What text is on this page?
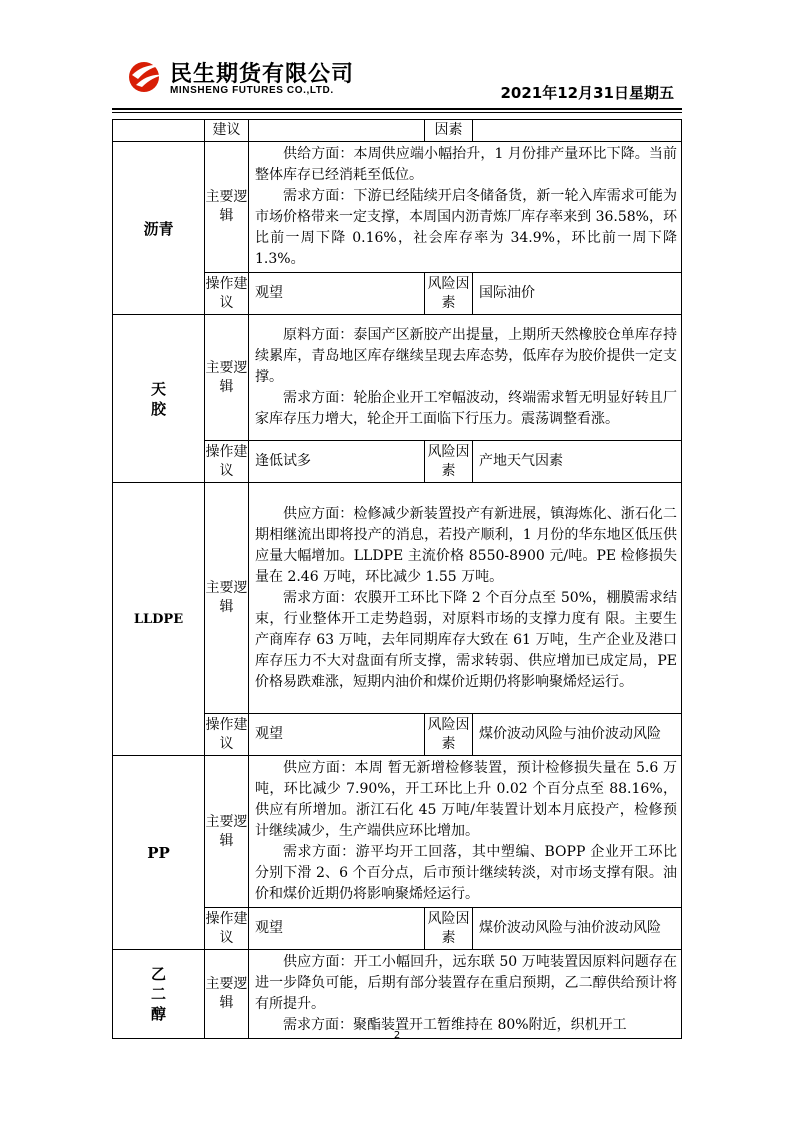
民生期货有限公司
MINSHENG FUTURES CO.,LTD.	2021年12月31日星期五
	建议		因素	
沥青	主要逻辑	供给方面：本周供应端小幅抬升，1 月份排产量环比下降。当前整体库存已经消耗至低位。

需求方面：下游已经陆续开启冬储备货，新一轮入库需求可能为市场价格带来一定支撑，本周国内沥青炼厂库存率来到 36.58%，环比前一周下降 0.16%，社会库存率为 34.9%，环比前一周下降 1.3%。		

	操作建议	观望	风险因素	国际油价
天胶	主要逻辑	原料方面：泰国产区新胶产出提量，上期所天然橡胶仓单库存持续累库，青岛地区库存继续呈现去库态势，低库存为胶价提供一定支撑。

需求方面：轮胎企业开工窄幅波动，终端需求暂无明显好转且厂家库存压力增大，轮企开工面临下行压力。震荡调整看涨。		

	操作建议	逢低试多	风险因素	产地天气因素
LLDPE	主要逻辑	供应方面：检修减少新装置投产有新进展，镇海炼化、浙石化二期相继流出即将投产的消息，若投产顺利，1 月份的华东地区低压供应量大幅增加。LLDPE 主流价格 8550-8900 元/吨。PE 检修损失量在 2.46 万吨，环比减少 1.55 万吨。

需求方面：农膜开工环比下降 2 个百分点至 50%，棚膜需求结束，行业整体开工走势趋弱，对原料市场的支撑力度有 限。主要生产商库存 63 万吨，去年同期库存大致在 61 万吨，生产企业及港口库存压力不大对盘面有所支撑，需求转弱、供应增加已成定局，PE 价格易跌难涨，短期内油价和煤价近期仍将影响聚烯烃运行。		

	操作建议	观望	风险因素	煤价波动风险与油价波动风险
PP	主要逻辑	供应方面：本周 暂无新增检修装置，预计检修损失量在 5.6 万吨，环比减少 7.90%，开工环比上升 0.02 个百分点至 88.16%，供应有所增加。浙江石化 45 万吨/年装置计划本月底投产，检修预计继续减少，生产端供应环比增加。

需求方面：游平均开工回落，其中塑编、BOPP 企业开工环比分别下滑 2、6 个百分点，后市预计继续转淡，对市场支撑有限。油价和煤价近期仍将影响聚烯烃运行。		

	操作建议	观望	风险因素	煤价波动风险与油价波动风险
乙二醇	主要逻辑	供应方面：开工小幅回升，远东联 50 万吨装置因原料问题存在进一步降负可能，后期有部分装置存在重启预期，乙二醇供给预计将有所提升。

需求方面：聚酯装置开工暂维持在 80%附近，织机开工		

2
